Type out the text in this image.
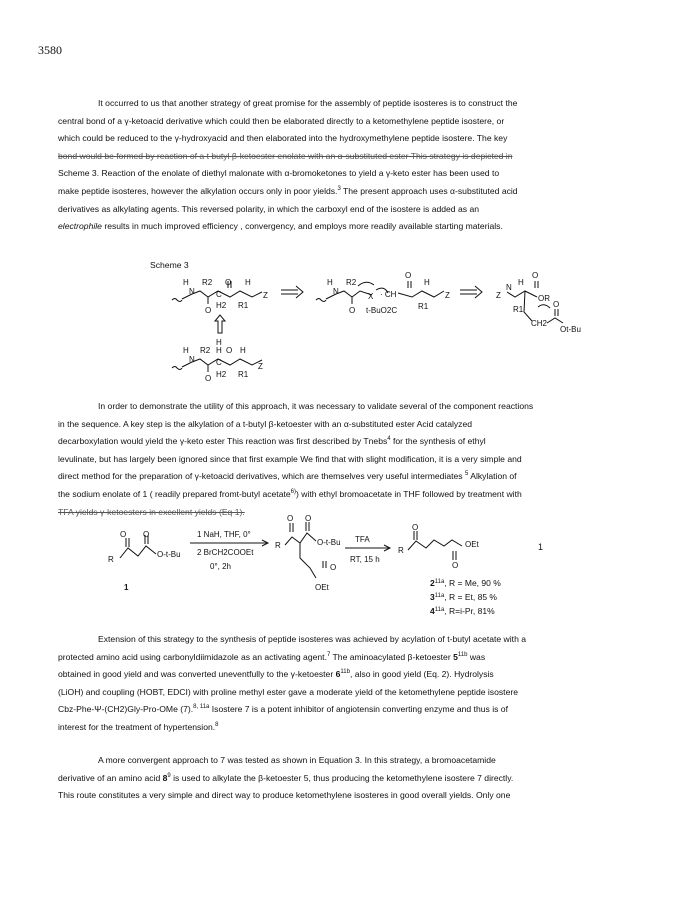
3580
It occurred to us that another strategy of great promise for the assembly of peptide isosteres is to construct the
central bond of a γ-ketoacid derivative which could then be elaborated directly to a ketomethylene peptide isostere, or
which could be reduced to the γ-hydroxyacid and then elaborated into the hydroxymethylene peptide isostere. The key
bond would be formed by reaction of a t butyl β-ketoester enolate with an α-substituted ester This strategy is depicted in
Scheme 3. Reaction of the enolate of diethyl malonate with α-bromoketones to yield a γ-keto ester has been used to
make peptide isosteres, however the alkylation occurs only in poor yields.$^3$ The present approach uses α-substituted acid
derivatives as alkylating agents. This reversed polarity, in which the carboxyl end of the isostere is added as an
electrophile results in much improved efficiency , convergency, and employs more readily available starting materials.
Scheme 3
H R2 O H
N	C	Z
O
H2 R1
H R2
O
H
N
X · CH	Z
O t-BuO2C	R1
H
O
Z
N
OR
R1
CH2
O
Ot-Bu
H
H R2 H O H
N	C	Z
O H2 R1
In order to demonstrate the utility of this approach, it was necessary to validate several of the component reactions
in the sequence. A key step is the alkylation of a t-butyl β-ketoester with an α-substituted ester Acid catalyzed
decarboxylation would yield the γ-keto ester This reaction was first described by Tnebs$^4$ for the synthesis of ethyl
levulinate, but has largely been ignored since that first example We find that with slight modification, it is a very simple and
direct method for the preparation of γ-ketoacid derivatives, which are themselves very useful intermediates $^5$ Alkylation of
the sodium enolate of 1 ( readily prepared fromt-butyl acetate$^{6)}$) with ethyl bromoacetate in THF followed by treatment with
TFA yields γ-ketoesters in excellent yields (Eq 1).
O O
R
O-t-Bu
1
1 NaH, THF, 0°
2 BrCH2COOEt
0°, 2h
O O
R	O-t-Bu
O
OEt
TFA
RT, 15 h
O
O
R
OEt
$2^{11a}$, R = Me, 90 %
$3^{11a}$, R = Et, 85 %
$4^{11a}$, R=i-Pr, 81%
1
Extension of this strategy to the synthesis of peptide isosteres was achieved by acylation of t-butyl acetate with a
protected amino acid using carbonyldiimidazole as an activating agent.$^7$ The aminoacylated β-ketoester $5^{11b}$ was
obtained in good yield and was converted uneventfully to the γ-ketoester $6^{11b}$, also in good yield (Eq. 2). Hydrolysis
(LiOH) and coupling (HOBT, EDCI) with proline methyl ester gave a moderate yield of the ketomethylene peptide isostere
Cbz-Phe-Ψ-(CH2)Gly-Pro-OMe (7).$^{8, 11a}$ Isostere 7 is a potent inhibitor of angiotensin converting enzyme and thus is of
interest for the treatment of hypertension.$^8$
A more convergent approach to 7 was tested as shown in Equation 3. In this strategy, a bromoacetamide
derivative of an amino acid $8^9$ is used to alkylate the β-ketoester 5, thus producing the ketomethylene isostere 7 directly.
This route constitutes a very simple and direct way to produce ketomethylene isosteres in good overall yields. Only one
